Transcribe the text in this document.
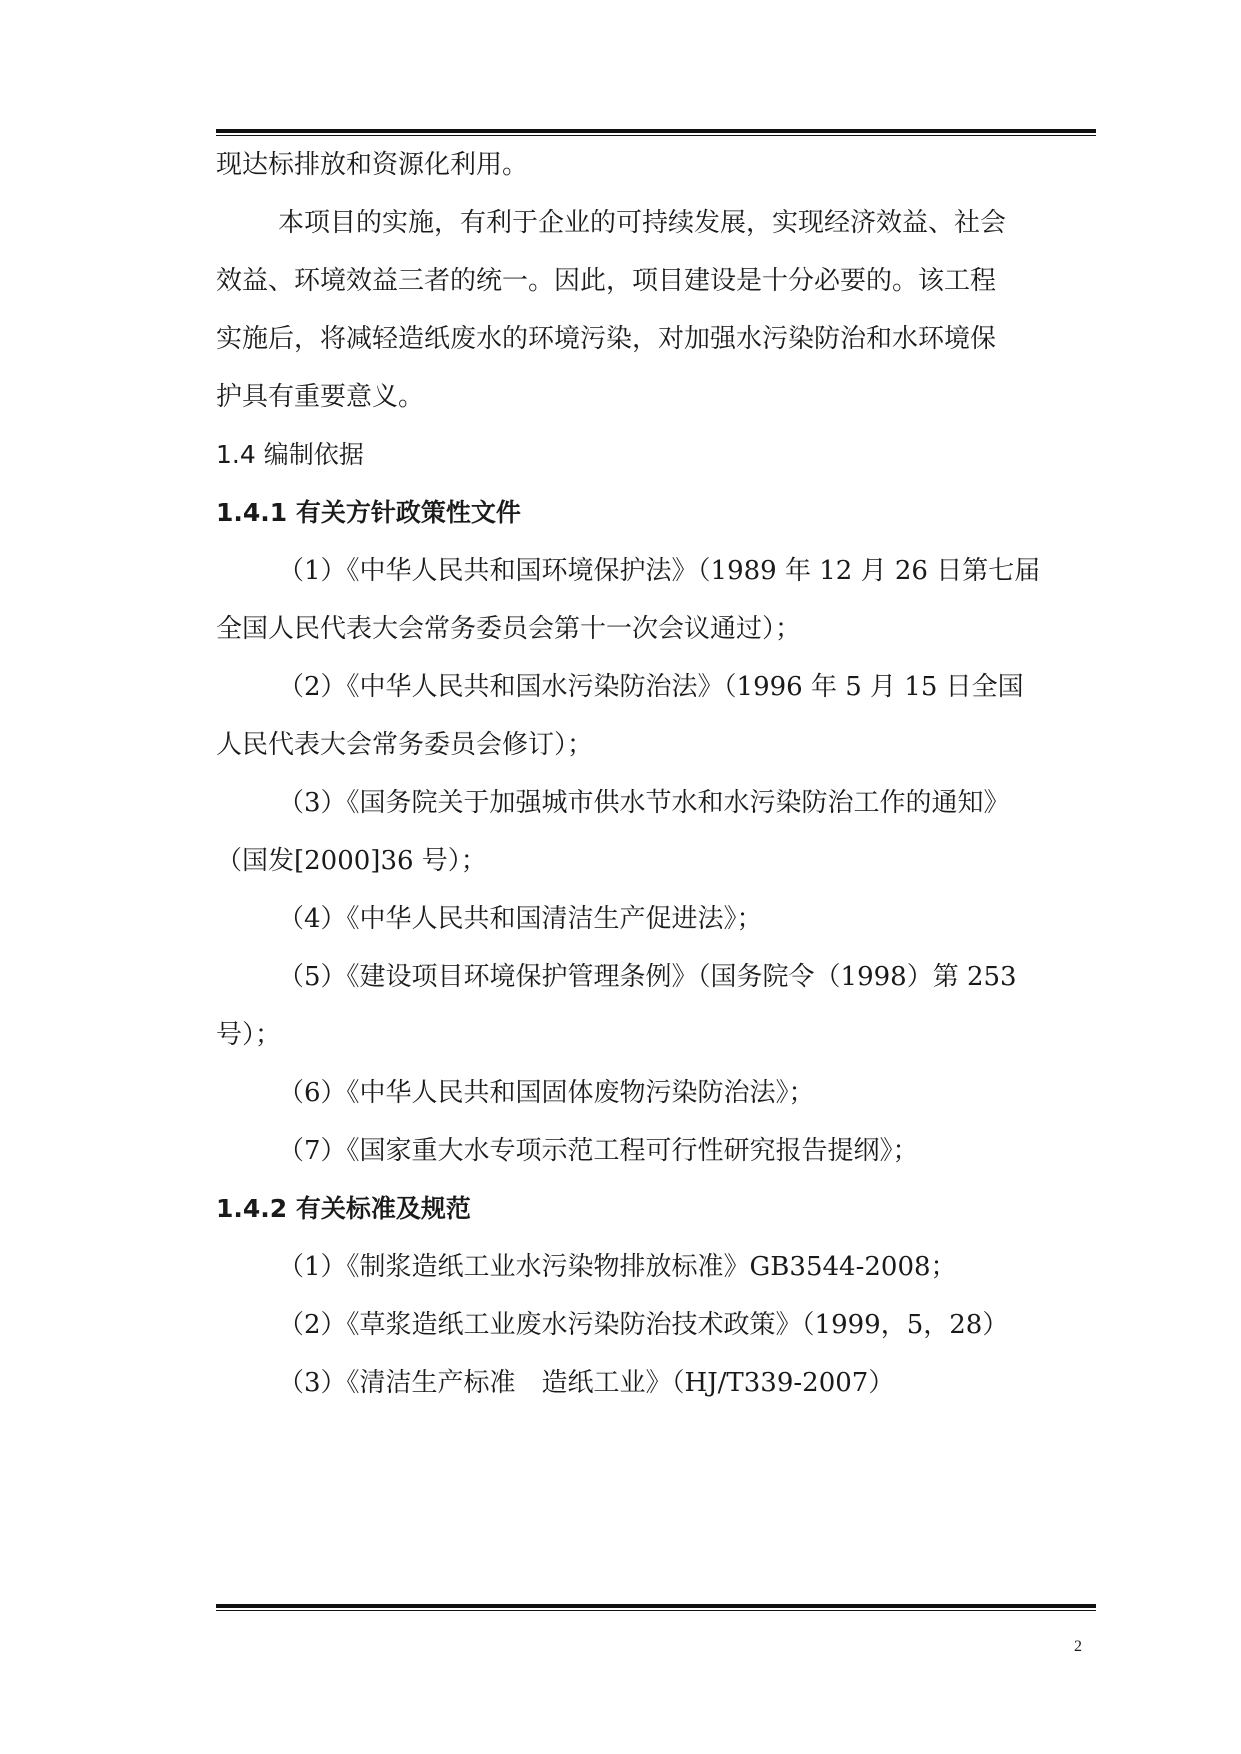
现达标排放和资源化利用。
本项目的实施，有利于企业的可持续发展，实现经济效益、社会
效益、环境效益三者的统一。因此，项目建设是十分必要的。该工程
实施后，将减轻造纸废水的环境污染，对加强水污染防治和水环境保
护具有重要意义。
1.4 编制依据
1.4.1 有关方针政策性文件
（1）《中华人民共和国环境保护法》（1989 年 12 月 26 日第七届
全国人民代表大会常务委员会第十一次会议通过）；
（2）《中华人民共和国水污染防治法》（1996 年 5 月 15 日全国
人民代表大会常务委员会修订）；
（3）《国务院关于加强城市供水节水和水污染防治工作的通知》
（国发[2000]36 号）；
（4）《中华人民共和国清洁生产促进法》；
（5）《建设项目环境保护管理条例》（国务院令（1998）第 253
号）；
（6）《中华人民共和国固体废物污染防治法》；
（7）《国家重大水专项示范工程可行性研究报告提纲》；
1.4.2 有关标准及规范
（1）《制浆造纸工业水污染物排放标准》GB3544-2008；
（2）《草浆造纸工业废水污染防治技术政策》（1999，5，28）
（3）《清洁生产标准　造纸工业》（HJ/T339-2007）
2
